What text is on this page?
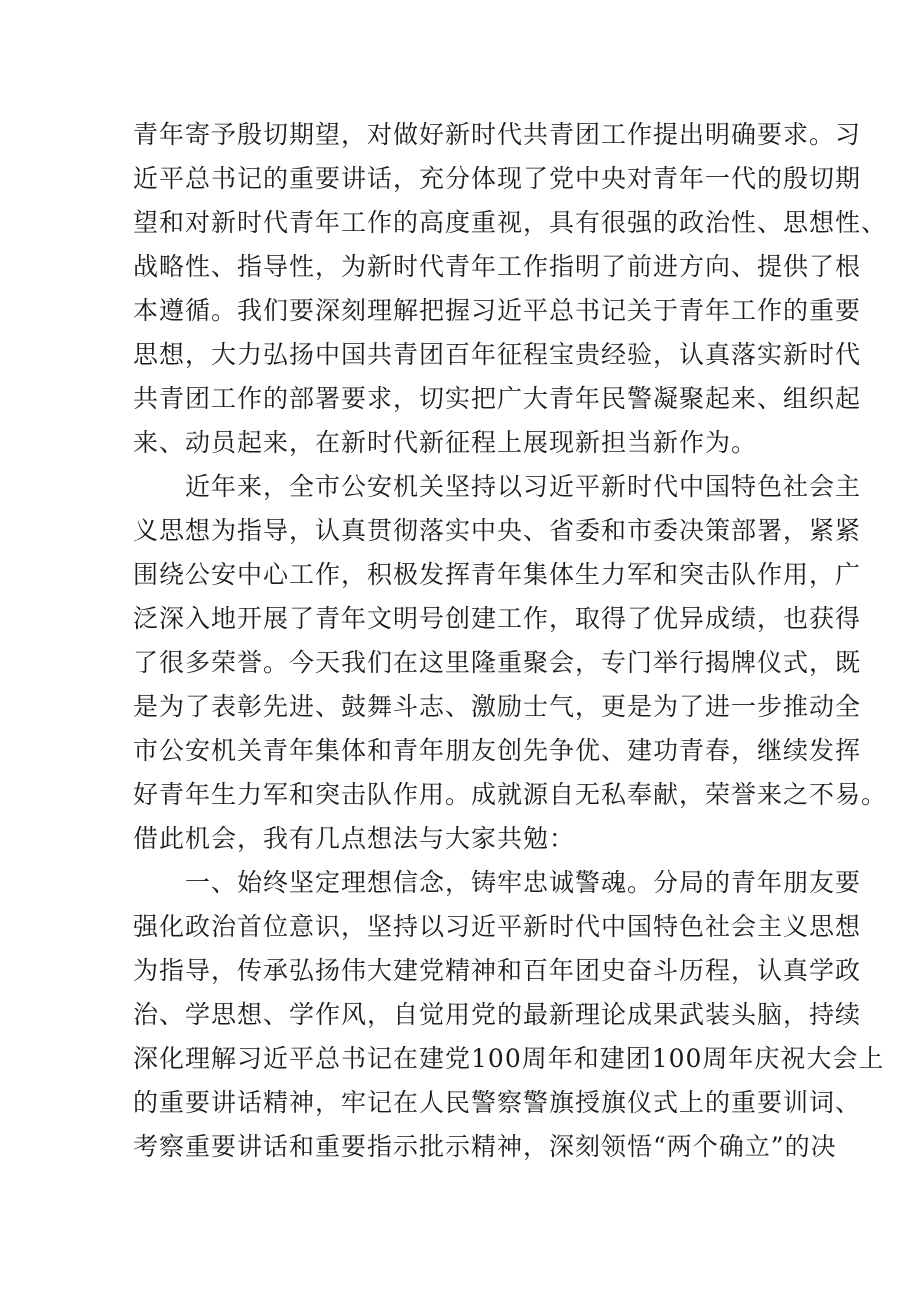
青年寄予殷切期望，对做好新时代共青团工作提出明确要求。习
近平总书记的重要讲话，充分体现了党中央对青年一代的殷切期
望和对新时代青年工作的高度重视，具有很强的政治性、思想性、
战略性、指导性，为新时代青年工作指明了前进方向、提供了根
本遵循。我们要深刻理解把握习近平总书记关于青年工作的重要
思想，大力弘扬中国共青团百年征程宝贵经验，认真落实新时代
共青团工作的部署要求，切实把广大青年民警凝聚起来、组织起
来、动员起来，在新时代新征程上展现新担当新作为。
近年来，全市公安机关坚持以习近平新时代中国特色社会主
义思想为指导，认真贯彻落实中央、省委和市委决策部署，紧紧
围绕公安中心工作，积极发挥青年集体生力军和突击队作用，广
泛深入地开展了青年文明号创建工作，取得了优异成绩，也获得
了很多荣誉。今天我们在这里隆重聚会，专门举行揭牌仪式，既
是为了表彰先进、鼓舞斗志、激励士气，更是为了进一步推动全
市公安机关青年集体和青年朋友创先争优、建功青春，继续发挥
好青年生力军和突击队作用。成就源自无私奉献，荣誉来之不易。
借此机会，我有几点想法与大家共勉：
一、始终坚定理想信念，铸牢忠诚警魂。分局的青年朋友要
强化政治首位意识，坚持以习近平新时代中国特色社会主义思想
为指导，传承弘扬伟大建党精神和百年团史奋斗历程，认真学政
治、学思想、学作风，自觉用党的最新理论成果武装头脑，持续
深化理解习近平总书记在建党100周年和建团100周年庆祝大会上
的重要讲话精神，牢记在人民警察警旗授旗仪式上的重要训词、
考察重要讲话和重要指示批示精神，深刻领悟“两个确立”的决
